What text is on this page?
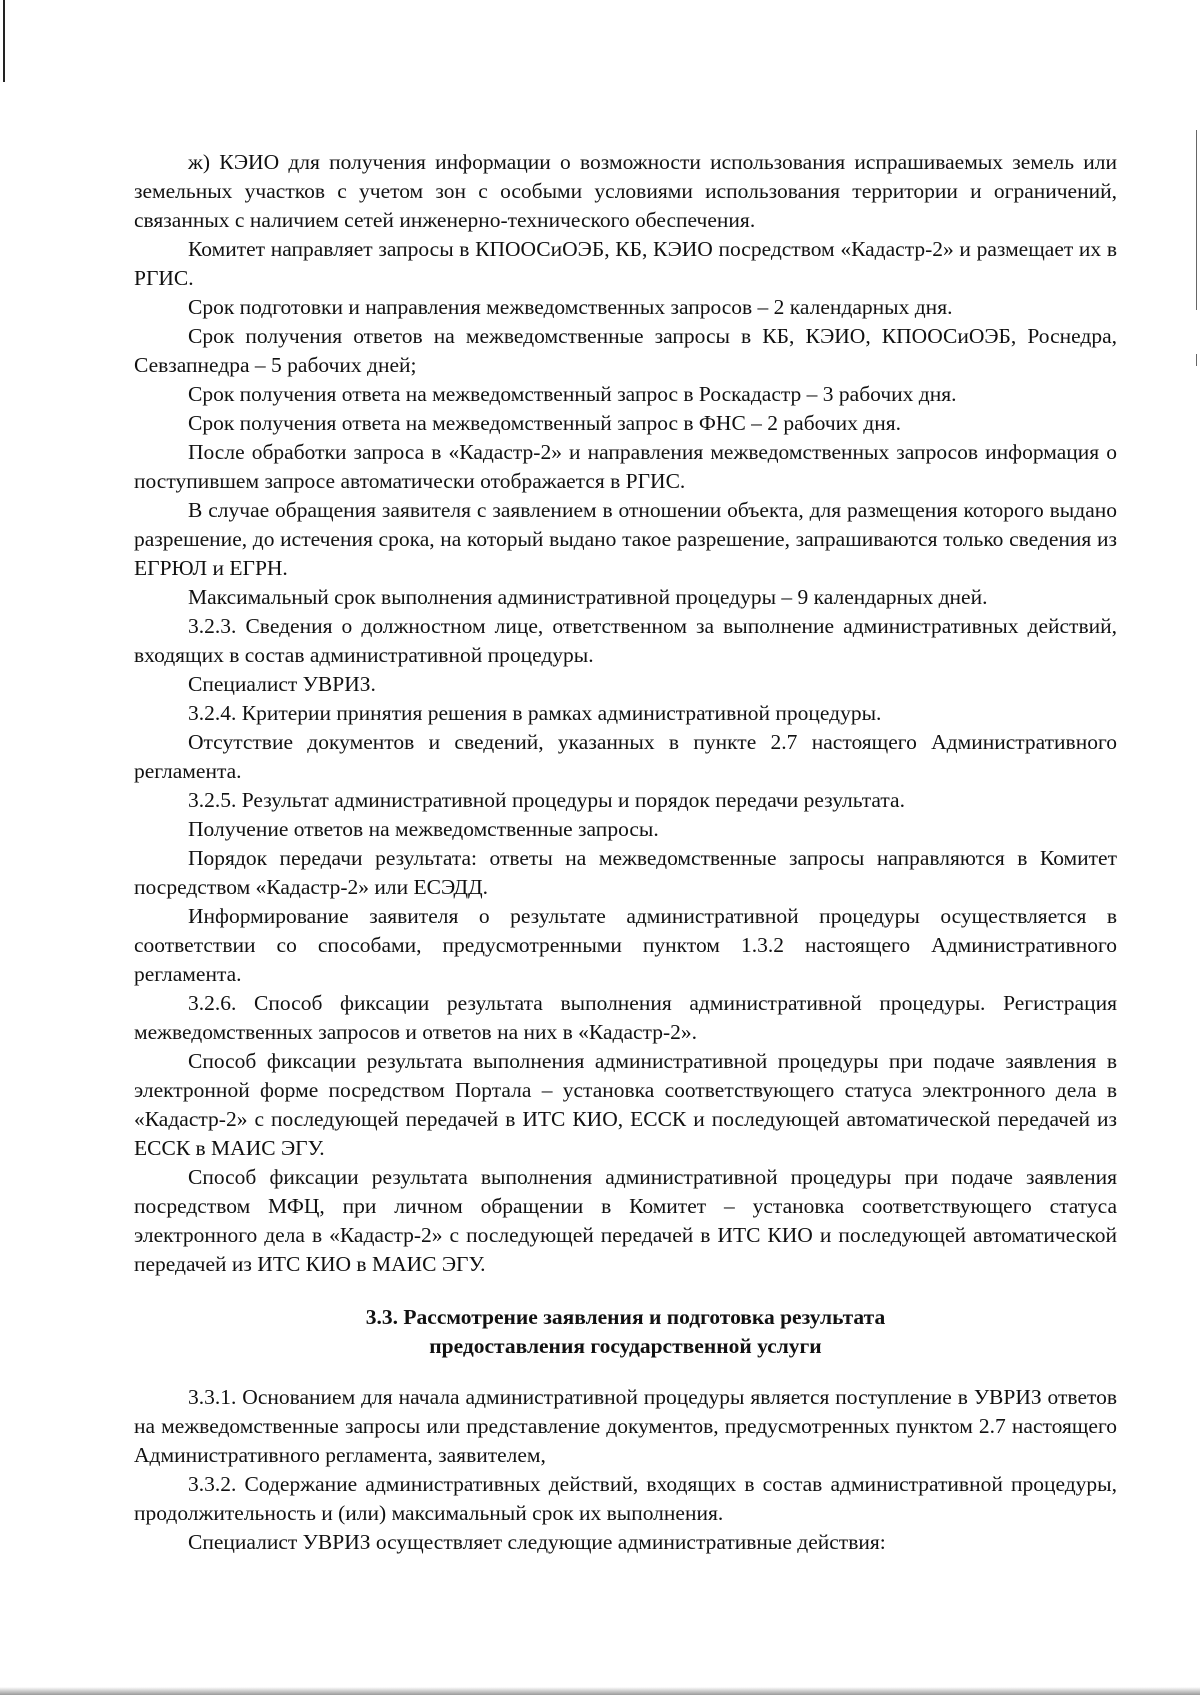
ж) КЭИО для получения информации о возможности использования испрашиваемых земель или земельных участков с учетом зон с особыми условиями использования территории и ограничений, связанных с наличием сетей инженерно-технического обеспечения.

Комитет направляет запросы в КПООСиОЭБ, КБ, КЭИО посредством «Кадастр-2» и размещает их в РГИС.

Срок подготовки и направления межведомственных запросов – 2 календарных дня.

Срок получения ответов на межведомственные запросы в КБ, КЭИО, КПООСиОЭБ, Роснедра, Севзапнедра – 5 рабочих дней;

Срок получения ответа на межведомственный запрос в Роскадастр – 3 рабочих дня.

Срок получения ответа на межведомственный запрос в ФНС – 2 рабочих дня.

После обработки запроса в «Кадастр-2» и направления межведомственных запросов информация о поступившем запросе автоматически отображается в РГИС.

В случае обращения заявителя с заявлением в отношении объекта, для размещения которого выдано разрешение, до истечения срока, на который выдано такое разрешение, запрашиваются только сведения из ЕГРЮЛ и ЕГРН.

Максимальный срок выполнения административной процедуры – 9 календарных дней.

3.2.3. Сведения о должностном лице, ответственном за выполнение административных действий, входящих в состав административной процедуры.

Специалист УВРИЗ.

3.2.4. Критерии принятия решения в рамках административной процедуры.

Отсутствие документов и сведений, указанных в пункте 2.7 настоящего Административного регламента.

3.2.5. Результат административной процедуры и порядок передачи результата.

Получение ответов на межведомственные запросы.

Порядок передачи результата: ответы на межведомственные запросы направляются в Комитет посредством «Кадастр-2» или ЕСЭДД.

Информирование заявителя о результате административной процедуры осуществляется в соответствии со способами, предусмотренными пунктом 1.3.2 настоящего Административного регламента.

3.2.6. Способ фиксации результата выполнения административной процедуры. Регистрация межведомственных запросов и ответов на них в «Кадастр-2».

Способ фиксации результата выполнения административной процедуры при подаче заявления в электронной форме посредством Портала – установка соответствующего статуса электронного дела в «Кадастр-2» с последующей передачей в ИТС КИО, ЕССК и последующей автоматической передачей из ЕССК в МАИС ЭГУ.

Способ фиксации результата выполнения административной процедуры при подаче заявления посредством МФЦ, при личном обращении в Комитет – установка соответствующего статуса электронного дела в «Кадастр-2» с последующей передачей в ИТС КИО и последующей автоматической передачей из ИТС КИО в МАИС ЭГУ.

3.3. Рассмотрение заявления и подготовка результата
предоставления государственной услуги

3.3.1. Основанием для начала административной процедуры является поступление в УВРИЗ ответов на межведомственные запросы или представление документов, предусмотренных пунктом 2.7 настоящего Административного регламента, заявителем,

3.3.2. Содержание административных действий, входящих в состав административной процедуры, продолжительность и (или) максимальный срок их выполнения.

Специалист УВРИЗ осуществляет следующие административные действия:
